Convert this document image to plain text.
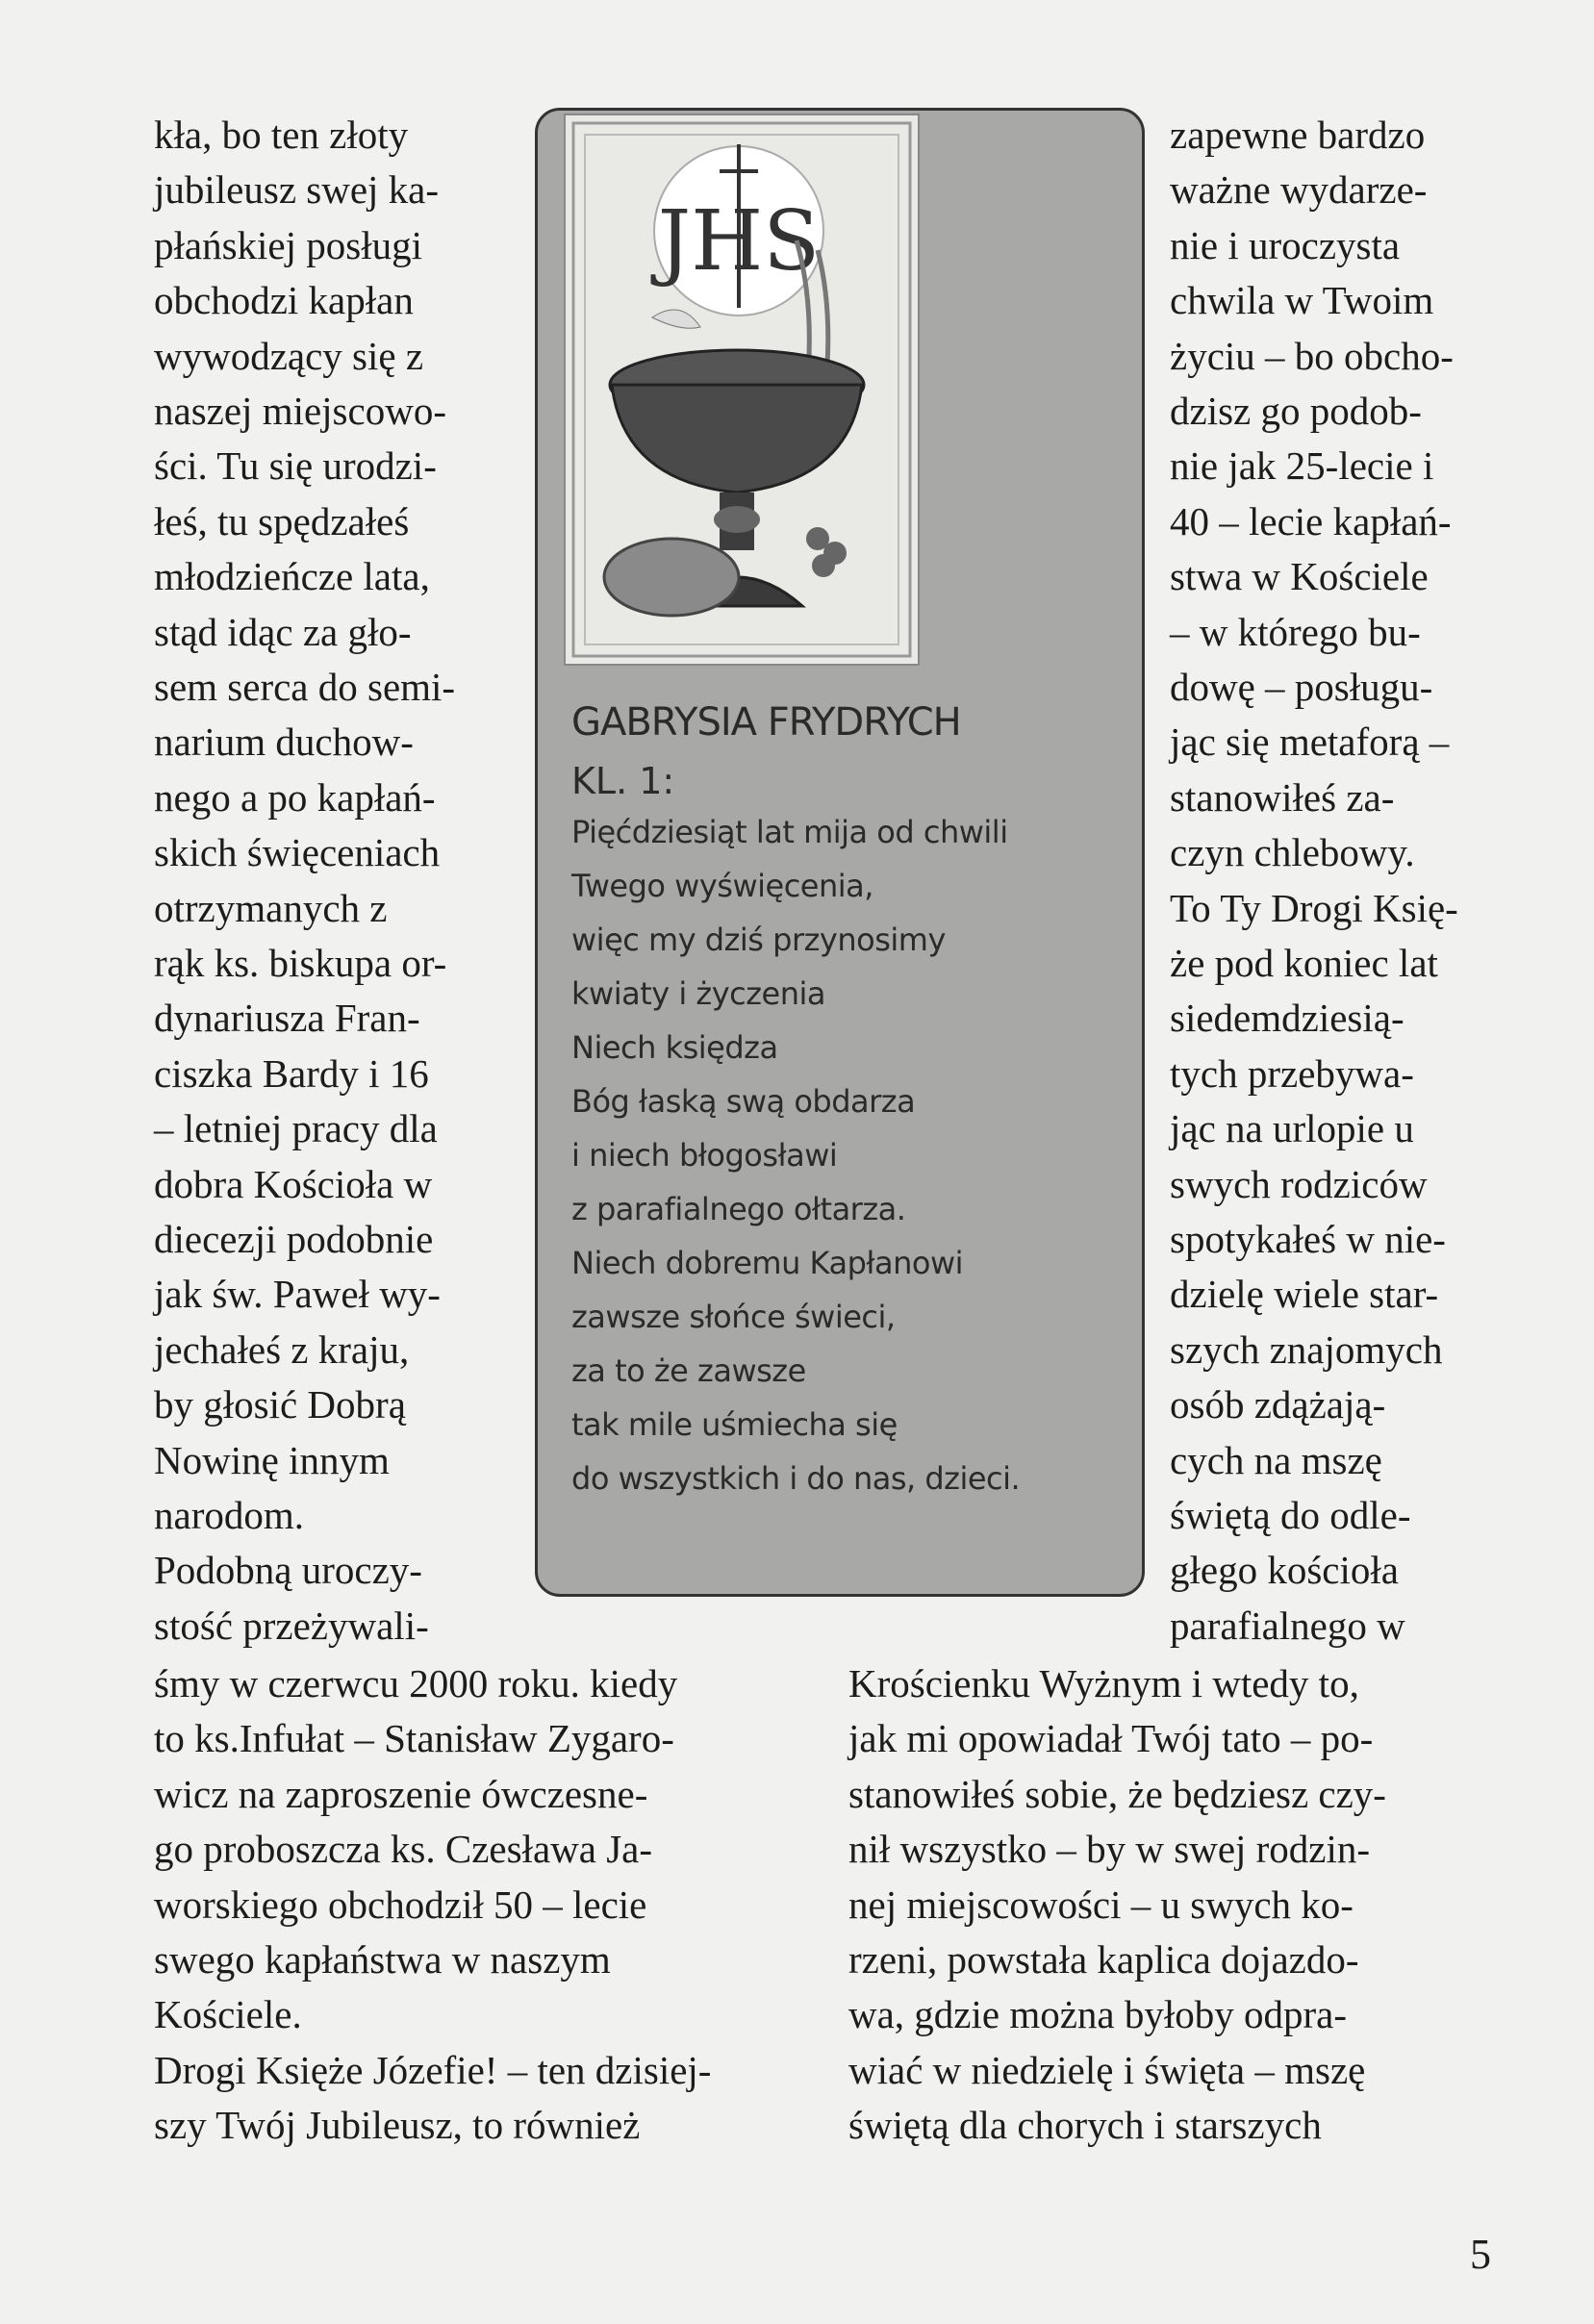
kła, bo ten złoty
jubileusz swej ka-
płańskiej posługi
obchodzi kapłan
wywodzący się z
naszej miejscowo-
ści. Tu się urodzi-
łeś, tu spędzałeś
młodzieńcze lata,
stąd idąc za gło-
sem serca do semi-
narium duchow-
nego a po kapłań-
skich święceniach
otrzymanych z
rąk ks. biskupa or-
dynariusza Fran-
ciszka Bardy i 16
– letniej pracy dla
dobra Kościoła w
diecezji podobnie
jak św. Paweł wy-
jechałeś z kraju,
by głosić Dobrą
Nowinę innym
narodom.
Podobną uroczy-
stość przeżywali-
zapewne bardzo
ważne wydarze-
nie i uroczysta
chwila w Twoim
życiu – bo obcho-
dzisz go podob-
nie jak 25-lecie i
40 – lecie kapłań-
stwa w Kościele
– w którego bu-
dowę – posługu-
jąc się metaforą –
stanowiłeś za-
czyn chlebowy.
To Ty Drogi Księ-
że pod koniec lat
siedemdziesią-
tych przebywa-
jąc na urlopie u
swych rodziców
spotykałeś w nie-
dzielę wiele star-
szych znajomych
osób zdążają-
cych na mszę
świętą do odle-
głego kościoła
parafialnego w
JHS
GABRYSIA FRYDRYCH
KL. 1:
Pięćdziesiąt lat mija od chwili
Twego wyświęcenia,
więc my dziś przynosimy
kwiaty i życzenia
Niech księdza
Bóg łaską swą obdarza
i niech błogosławi
z parafialnego ołtarza.
Niech dobremu Kapłanowi
zawsze słońce świeci,
za to że zawsze
tak mile uśmiecha się
do wszystkich i do nas, dzieci.
śmy w czerwcu 2000 roku. kiedy
to ks.Infułat – Stanisław Zygaro-
wicz na zaproszenie ówczesne-
go proboszcza ks. Czesława Ja-
worskiego obchodził 50 – lecie
swego kapłaństwa w naszym
Kościele.
Drogi Księże Józefie! – ten dzisiej-
szy Twój Jubileusz, to również
Krościenku Wyżnym i wtedy to,
jak mi opowiadał Twój tato – po-
stanowiłeś sobie, że będziesz czy-
nił wszystko – by w swej rodzin-
nej miejscowości – u swych ko-
rzeni, powstała kaplica dojazdo-
wa, gdzie można byłoby odpra-
wiać w niedzielę i święta – mszę
świętą dla chorych i starszych
5
